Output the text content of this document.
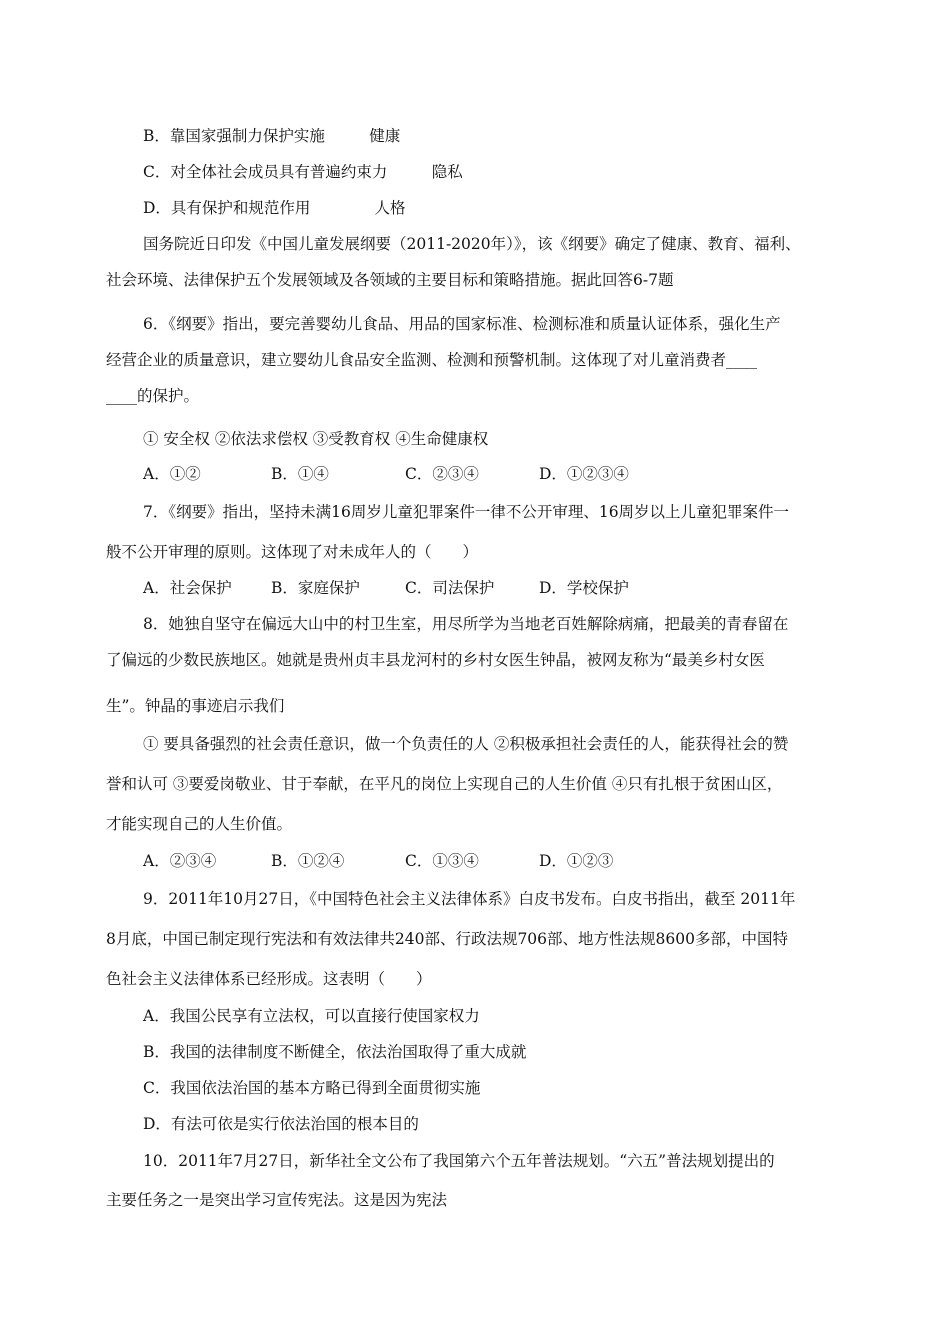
B．靠国家强制力保护实施         健康
C．对全体社会成员具有普遍约束力         隐私
D．具有保护和规范作用             人格
国务院近日印发《中国儿童发展纲要（2011-2020年）》，该《纲要》确定了健康、教育、福利、
社会环境、法律保护五个发展领域及各领域的主要目标和策略措施。据此回答6-7题
6．《纲要》指出，要完善婴幼儿食品、用品的国家标准、检测标准和质量认证体系，强化生产
经营企业的质量意识，建立婴幼儿食品安全监测、检测和预警机制。这体现了对儿童消费者____
____的保护。
① 安全权 ②依法求偿权 ③受教育权 ④生命健康权

A．①②

	B．①④

	C．②③④

	D．①②③④

7．《纲要》指出，坚持未满16周岁儿童犯罪案件一律不公开审理、16周岁以上儿童犯罪案件一
般不公开审理的原则。这体现了对未成年人的（　　）

A．社会保护

	B．家庭保护

	C．司法保护

	D．学校保护

8．她独自坚守在偏远大山中的村卫生室，用尽所学为当地老百姓解除病痛，把最美的青春留在
了偏远的少数民族地区。她就是贵州贞丰县龙河村的乡村女医生钟晶，被网友称为“最美乡村女医
生”。钟晶的事迹启示我们
① 要具备强烈的社会责任意识，做一个负责任的人 ②积极承担社会责任的人，能获得社会的赞
誉和认可 ③要爱岗敬业、甘于奉献，在平凡的岗位上实现自己的人生价值 ④只有扎根于贫困山区，
才能实现自己的人生价值。

A．②③④

	B．①②④

	C．①③④

	D．①②③

9．2011年10月27日，《中国特色社会主义法律体系》白皮书发布。白皮书指出，截至 2011年
8月底，中国已制定现行宪法和有效法律共240部、行政法规706部、地方性法规8600多部，中国特
色社会主义法律体系已经形成。这表明（　　）
A．我国公民享有立法权，可以直接行使国家权力
B．我国的法律制度不断健全，依法治国取得了重大成就
C．我国依法治国的基本方略已得到全面贯彻实施
D．有法可依是实行依法治国的根本目的
10．2011年7月27日，新华社全文公布了我国第六个五年普法规划。“六五”普法规划提出的
主要任务之一是突出学习宣传宪法。这是因为宪法
